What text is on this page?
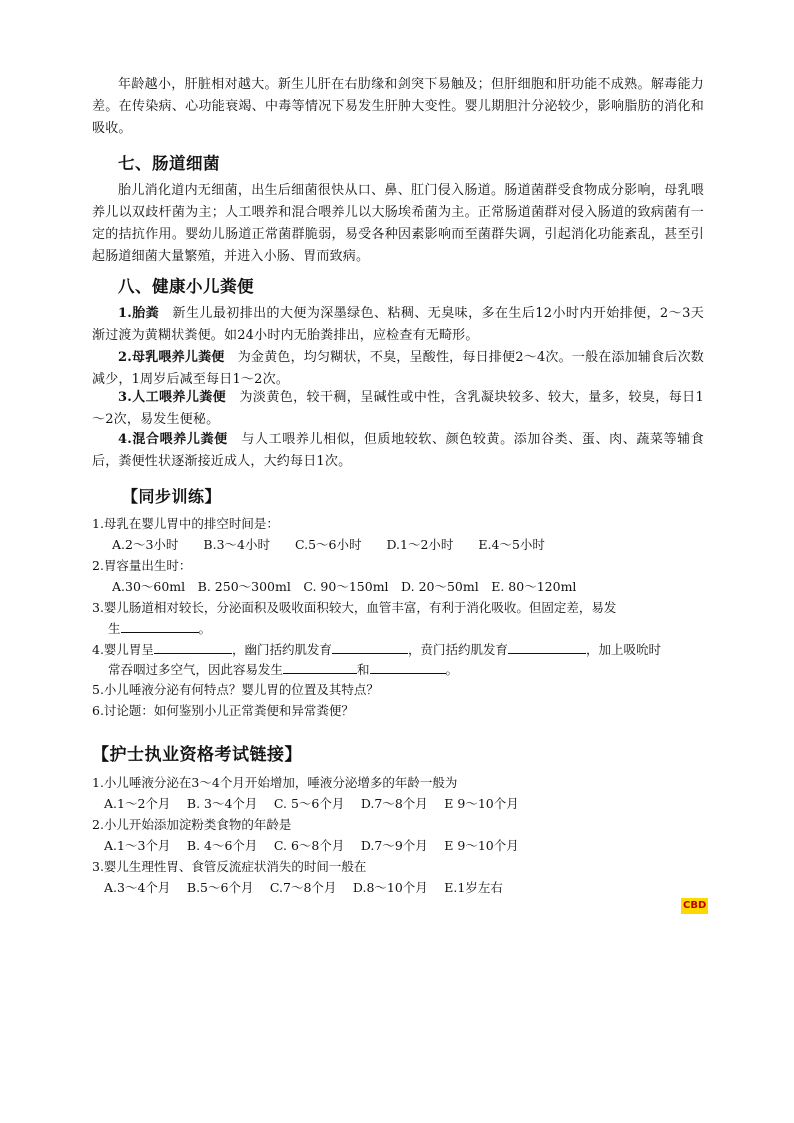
年龄越小，肝脏相对越大。新生儿肝在右肋缘和剑突下易触及；但肝细胞和肝功能不成熟。解毒能力差。在传染病、心功能衰竭、中毒等情况下易发生肝肿大变性。婴儿期胆汁分泌较少，影响脂肪的消化和吸收。

七、肠道细菌

胎儿消化道内无细菌，出生后细菌很快从口、鼻、肛门侵入肠道。肠道菌群受食物成分影响，母乳喂养儿以双歧杆菌为主；人工喂养和混合喂养儿以大肠埃希菌为主。正常肠道菌群对侵入肠道的致病菌有一定的拮抗作用。婴幼儿肠道正常菌群脆弱，易受各种因素影响而至菌群失调，引起消化功能紊乱，甚至引起肠道细菌大量繁殖，并进入小肠、胃而致病。

八、健康小儿粪便

1.胎粪　新生儿最初排出的大便为深墨绿色、粘稠、无臭味，多在生后12小时内开始排便，2～3天渐过渡为黄糊状粪便。如24小时内无胎粪排出，应检查有无畸形。

2.母乳喂养儿粪便　为金黄色，均匀糊状，不臭，呈酸性，每日排便2～4次。一般在添加辅食后次数减少，1周岁后减至每日1～2次。

3.人工喂养儿粪便　为淡黄色，较干稠，呈碱性或中性，含乳凝块较多、较大，量多，较臭，每日1～2次，易发生便秘。

4.混合喂养儿粪便　与人工喂养儿相似，但质地较软、颜色较黄。添加谷类、蛋、肉、蔬菜等辅食后，粪便性状逐渐接近成人，大约每日1次。

【同步训练】

1.母乳在婴儿胃中的排空时间是：

A.2～3小时　　B.3～4小时　　C.5～6小时　　D.1～2小时　　E.4～5小时

2.胃容量出生时：

A.30～60ml　B. 250～300ml　C. 90～150ml　D. 20～50ml　E. 80～120ml

3.婴儿肠道相对较长，分泌面积及吸收面积较大，血管丰富，有利于消化吸收。但固定差，易发

生	。

4.婴儿胃呈	，幽门括约肌发育	，贲门括约肌发育	，加上吸吮时

常吞咽过多空气，因此容易发生	和	。

5.小儿唾液分泌有何特点？婴儿胃的位置及其特点？

6.讨论题：如何鉴别小儿正常粪便和异常粪便？

【护士执业资格考试链接】

1.小儿唾液分泌在3～4个月开始增加，唾液分泌增多的年龄一般为

A.1～2个月　 B. 3～4个月　 C. 5～6个月　 D.7～8个月　 E 9～10个月

2.小儿开始添加淀粉类食物的年龄是

A.1～3个月　 B. 4～6个月　 C. 6～8个月　 D.7～9个月　 E 9～10个月

3.婴儿生理性胃、食管反流症状消失的时间一般在

A.3～4个月　 B.5～6个月　 C.7～8个月　 D.8～10个月　 E.1岁左右

CBD
